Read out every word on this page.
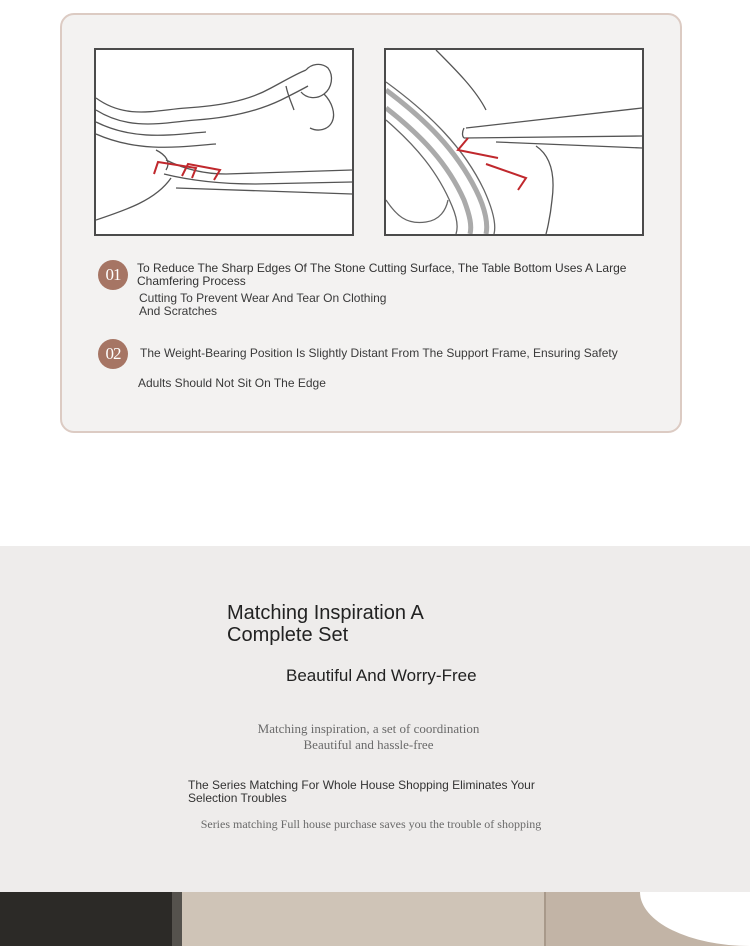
01	To Reduce The Sharp Edges Of The Stone Cutting Surface, The Table Bottom Uses A Large
Chamfering Process
Cutting To Prevent Wear And Tear On Clothing
And Scratches
02	The Weight-Bearing Position Is Slightly Distant From The Support Frame, Ensuring Safety
Adults Should Not Sit On The Edge
Matching Inspiration A
Complete Set
Beautiful And Worry-Free
Matching inspiration, a set of coordination
Beautiful and hassle-free
The Series Matching For Whole House Shopping Eliminates Your
Selection Troubles
Series matching Full house purchase saves you the trouble of shopping
